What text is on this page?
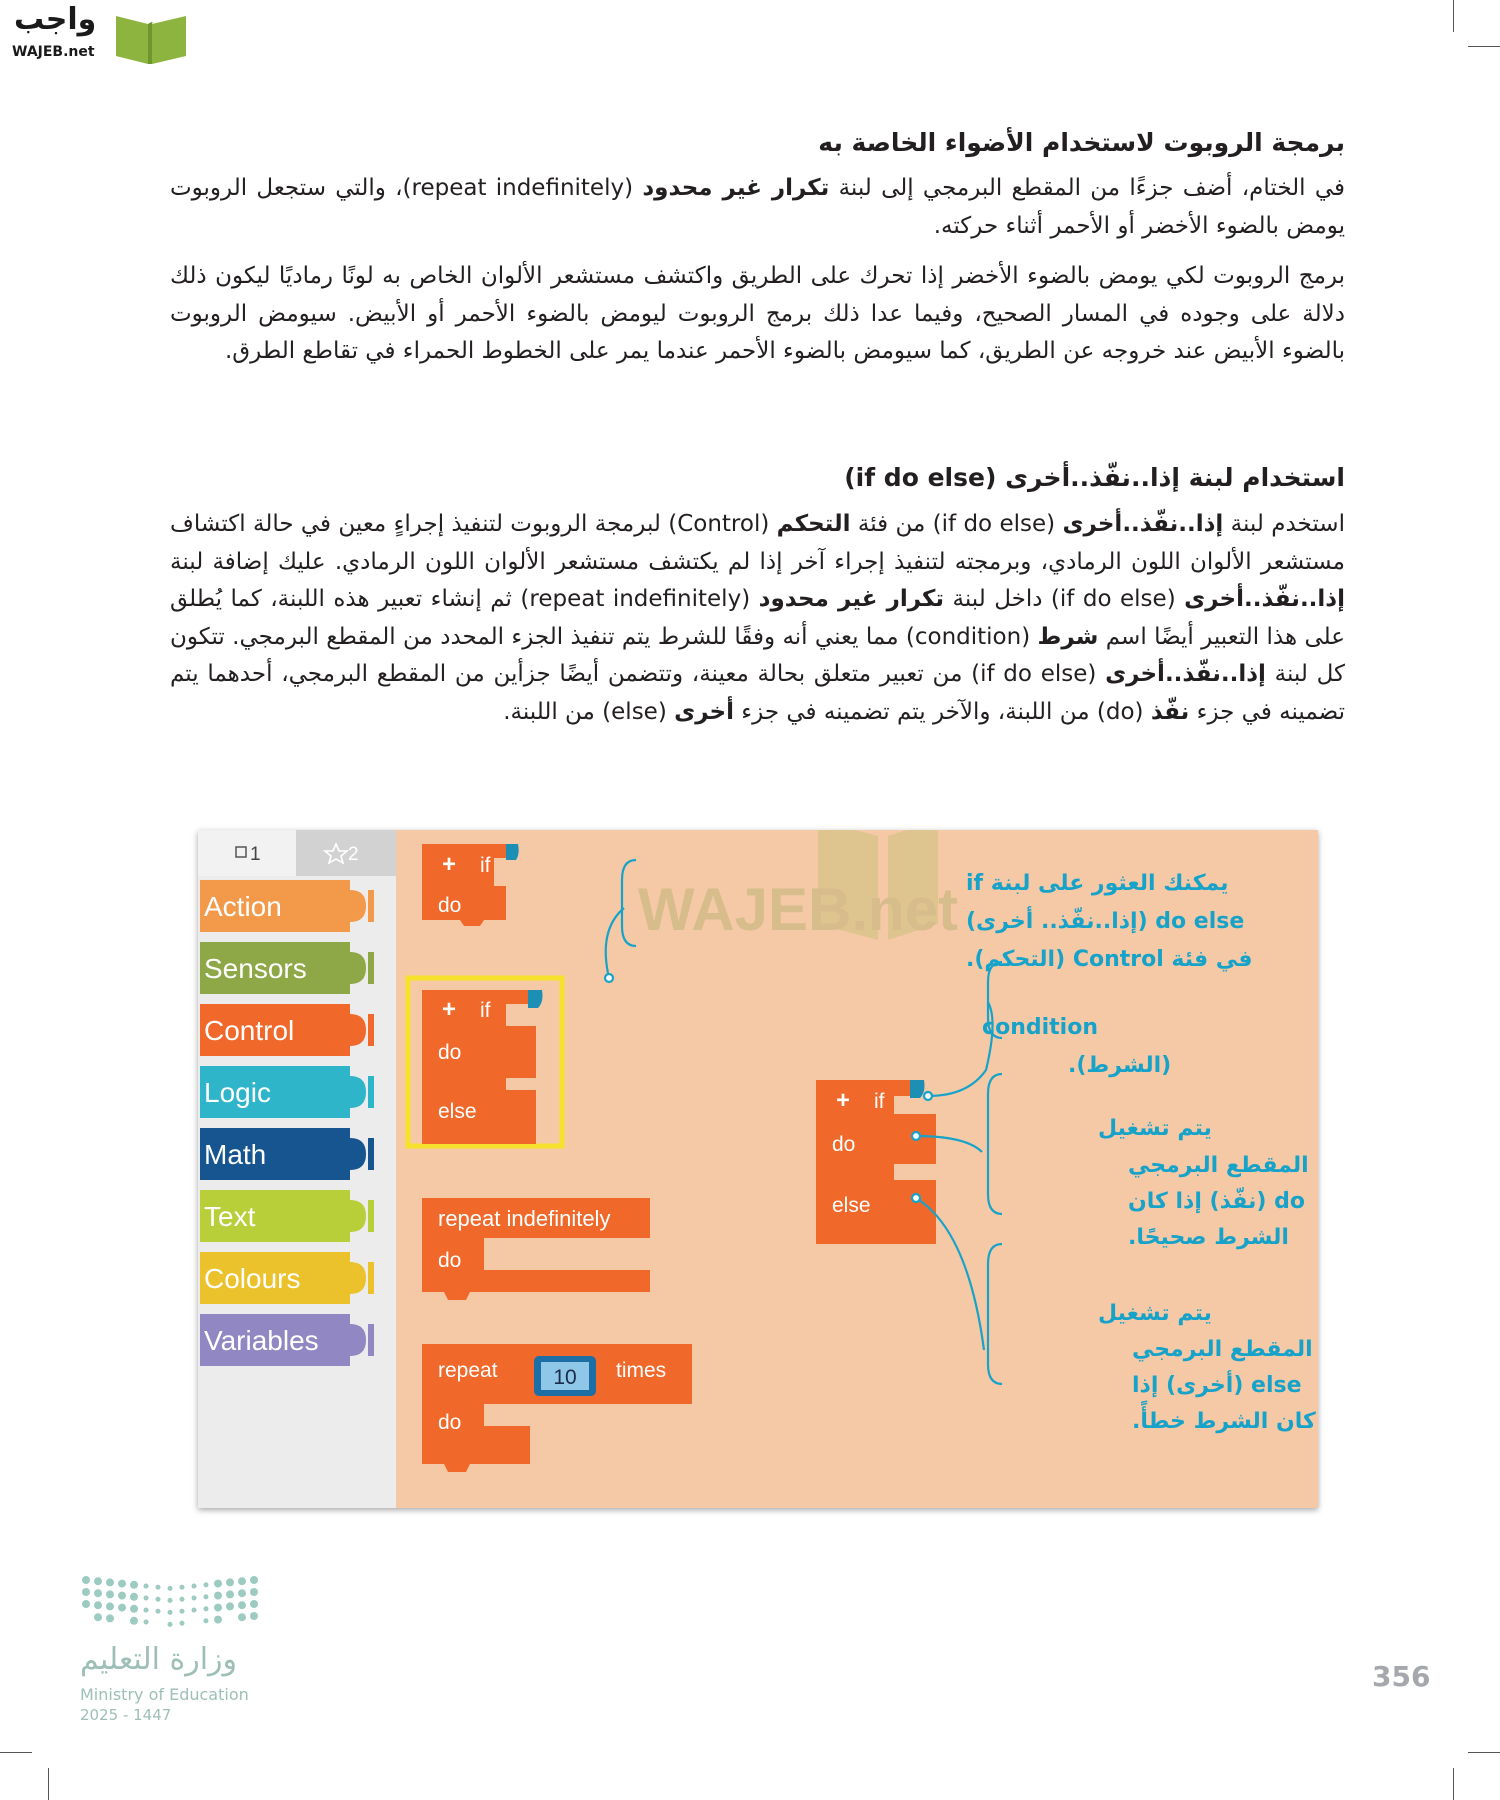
واجب
WAJEB.net
برمجة الروبوت لاستخدام الأضواء الخاصة به
في الختام، أضف جزءًا من المقطع البرمجي إلى لبنة تكرار غير محدود (repeat indefinitely)، والتي ستجعل الروبوت يومض بالضوء الأخضر أو الأحمر أثناء حركته.
برمج الروبوت لكي يومض بالضوء الأخضر إذا تحرك على الطريق واكتشف مستشعر الألوان الخاص به لونًا رماديًا ليكون ذلك دلالة على وجوده في المسار الصحيح، وفيما عدا ذلك برمج الروبوت ليومض بالضوء الأحمر أو الأبيض. سيومض الروبوت بالضوء الأبيض عند خروجه عن الطريق، كما سيومض بالضوء الأحمر عندما يمر على الخطوط الحمراء في تقاطع الطرق.
استخدام لبنة إذا..نفّذ..أخرى (if do else)
استخدم لبنة إذا..نفّذ..أخرى (if do else) من فئة التحكم (Control) لبرمجة الروبوت لتنفيذ إجراءٍ معين في حالة اكتشاف مستشعر الألوان اللون الرمادي، وبرمجته لتنفيذ إجراء آخر إذا لم يكتشف مستشعر الألوان اللون الرمادي. عليك إضافة لبنة إذا..نفّذ..أخرى (if do else) داخل لبنة تكرار غير محدود (repeat indefinitely) ثم إنشاء تعبير هذه اللبنة، كما يُطلق على هذا التعبير أيضًا اسم شرط (condition) مما يعني أنه وفقًا للشرط يتم تنفيذ الجزء المحدد من المقطع البرمجي. تتكون كل لبنة إذا..نفّذ..أخرى (if do else) من تعبير متعلق بحالة معينة، وتتضمن أيضًا جزأين من المقطع البرمجي، أحدهما يتم تضمينه في جزء نفّذ (do) من اللبنة، والآخر يتم تضمينه في جزء أخرى (else) من اللبنة.
1	2
Action
Sensors
Control
Logic
Math
Text
Colours
Variables
+ if
do
+ if
do
else
repeat indefinitely
do
10
repeat	times
do
+ if
do
else
WAJEB.net يمكنك العثور على لبنة if
do else (إذا..نفّذ.. أخرى)
في فئة Control (التحكم).
condition
(الشرط).
يتم تشغيل
المقطع البرمجي
do (نفّذ) إذا كان
الشرط صحيحًا.
يتم تشغيل
المقطع البرمجي
else (أخرى) إذا
كان الشرط خطأً.
وزارة التعليم
Ministry of Education
2025 - 1447
356
